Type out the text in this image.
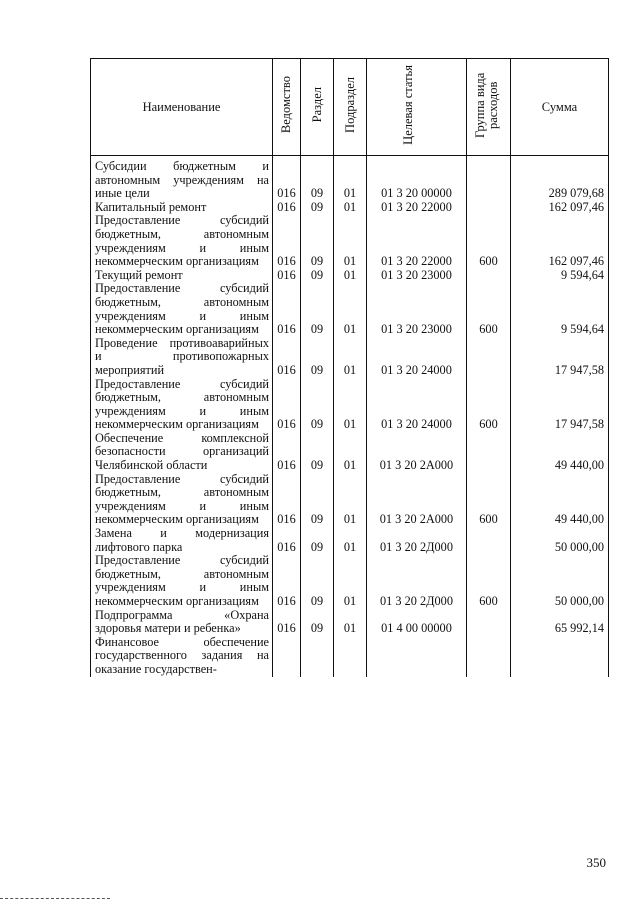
Наименование	Ведомство	Раздел	Подраздел	Целевая статья	Группа вида расходов	Сумма
Субсидии бюджетным и автономным учреждениям на иные цели	016	09	01	01 3 20 00000		289 079,68
Капитальный ремонт	016	09	01	01 3 20 22000		162 097,46
Предоставление субсидий бюджетным, автономным учреждениям и иным некоммерческим организациям	016	09	01	01 3 20 22000	600	162 097,46
Текущий ремонт	016	09	01	01 3 20 23000		9 594,64
Предоставление субсидий бюджетным, автономным учреждениям и иным некоммерческим организациям	016	09	01	01 3 20 23000	600	9 594,64
Проведение противоаварийных и противопожарных мероприятий	016	09	01	01 3 20 24000		17 947,58
Предоставление субсидий бюджетным, автономным учреждениям и иным некоммерческим организациям	016	09	01	01 3 20 24000	600	17 947,58
Обеспечение комплексной безопасности организаций Челябинской области	016	09	01	01 3 20 2А000		49 440,00
Предоставление субсидий бюджетным, автономным учреждениям и иным некоммерческим организациям	016	09	01	01 3 20 2А000	600	49 440,00
Замена и модернизация лифтового парка	016	09	01	01 3 20 2Д000		50 000,00
Предоставление субсидий бюджетным, автономным учреждениям и иным некоммерческим организациям	016	09	01	01 3 20 2Д000	600	50 000,00
Подпрограмма «Охрана здоровья матери и ребенка»	016	09	01	01 4 00 00000		65 992,14
Финансовое обеспечение государственного задания на оказание государствен-						
350
